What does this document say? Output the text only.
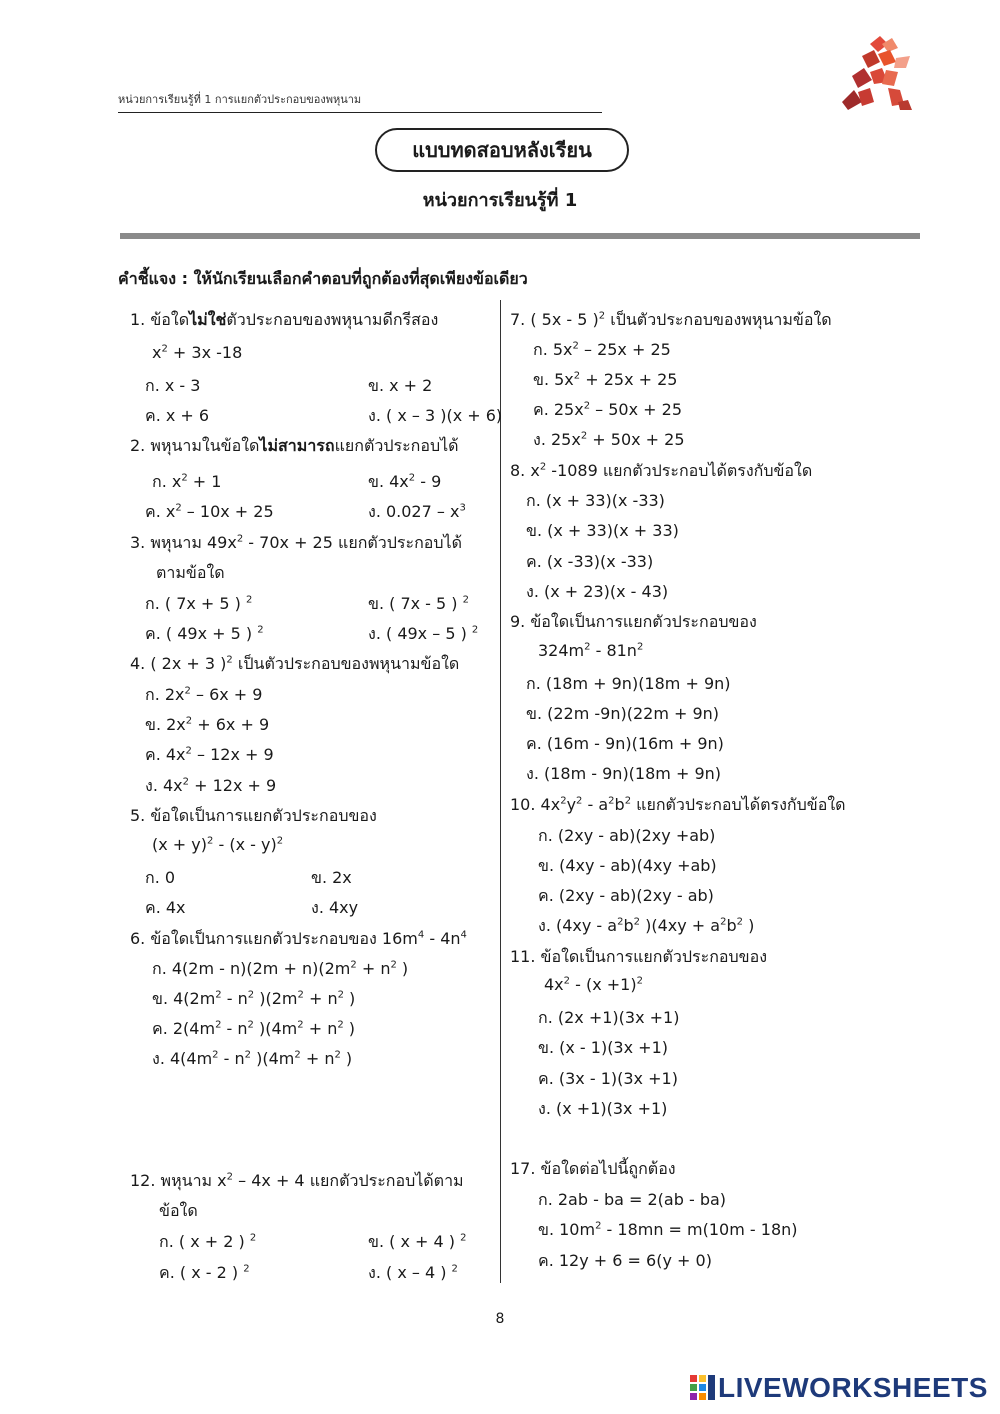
หน่วยการเรียนรู้ที่ 1 การแยกตัวประกอบของพหุนาม
แบบทดสอบหลังเรียน
หน่วยการเรียนรู้ที่ 1
คำชี้แจง : ให้นักเรียนเลือกคำตอบที่ถูกต้องที่สุดเพียงข้อเดียว
1. ข้อใดไม่ใช่ตัวประกอบของพหุนามดีกรีสอง
$x^2 + 3x$ -18
ก. x - 3	ข. x + 2
ค. x + 6	ง. ( x – 3 )(x + 6)
2. พหุนามในข้อใดไม่สามารถแยกตัวประกอบได้
ก. $x^2 + 1$	ข. $4x^2 - 9$
ค. $x^2 - 10x + 25$	ง. $0.027 - x^3$
3. พหุนาม $49x^2 - 70x + 25$ แยกตัวประกอบได้
ตามข้อใด
ก. ( 7x + 5 ) $^2$	ข. ( 7x - 5 ) $^2$
ค. ( 49x + 5 ) $^2$	ง. ( 49x – 5 ) $^2$
4. ( 2x + 3 )$^2$ เป็นตัวประกอบของพหุนามข้อใด
ก. $2x^2 - 6x + 9$
ข. $2x^2 + 6x + 9$
ค. $4x^2 - 12x + 9$
ง. $4x^2 + 12x + 9$
5. ข้อใดเป็นการแยกตัวประกอบของ
$(x + y)^2 - (x - y)^2$
ก. 0	ข. 2x
ค. 4x	ง. 4xy
6. ข้อใดเป็นการแยกตัวประกอบของ $16m^4 - 4n^4$
ก. $4(2m - n)(2m + n)(2m^2 + n^2$ )
ข. $4(2m^2 - n^2$ )($2m^2 + n^2$ )
ค. $2(4m^2 - n^2$ )($4m^2 + n^2$ )
ง. $4(4m^2 - n^2$ )($4m^2 + n^2$ )
12. พหุนาม $x^2 - 4x + 4$ แยกตัวประกอบได้ตาม
ข้อใด
ก. ( x + 2 ) $^2$	ข. ( x + 4 ) $^2$
ค. ( x - 2 ) $^2$	ง. ( x – 4 ) $^2$
7. ( 5x - 5 )$^2$ เป็นตัวประกอบของพหุนามข้อใด
ก. $5x^2 - 25x + 25$
ข. $5x^2 + 25x + 25$
ค. $25x^2 - 50x + 25$
ง. $25x^2 + 50x + 25$
8. $x^2$ -1089 แยกตัวประกอบได้ตรงกับข้อใด
ก. (x + 33)(x -33)
ข. (x + 33)(x + 33)
ค. (x -33)(x -33)
ง. (x + 23)(x - 43)
9. ข้อใดเป็นการแยกตัวประกอบของ
$324m^2 - 81n^2$
ก. (18m + 9n)(18m + 9n)
ข. (22m -9n)(22m + 9n)
ค. (16m - 9n)(16m + 9n)
ง. (18m - 9n)(18m + 9n)
10. $4x^2y^2 - a^2b^2$ แยกตัวประกอบได้ตรงกับข้อใด
ก. (2xy - ab)(2xy +ab)
ข. (4xy - ab)(4xy +ab)
ค. (2xy - ab)(2xy - ab)
ง. ($4xy - a^2b^2$ )($4xy + a^2b^2$ )
11. ข้อใดเป็นการแยกตัวประกอบของ
$4x^2 - (x +1)^2$
ก. (2x +1)(3x +1)
ข. (x - 1)(3x +1)
ค. (3x - 1)(3x +1)
ง. (x +1)(3x +1)
17. ข้อใดต่อไปนี้ถูกต้อง
ก. 2ab - ba = 2(ab - ba)
ข. $10m^2 - 18mn = m(10m - 18n)$
ค. 12y + 6 = 6(y + 0)
8
LIVEWORKSHEETS
